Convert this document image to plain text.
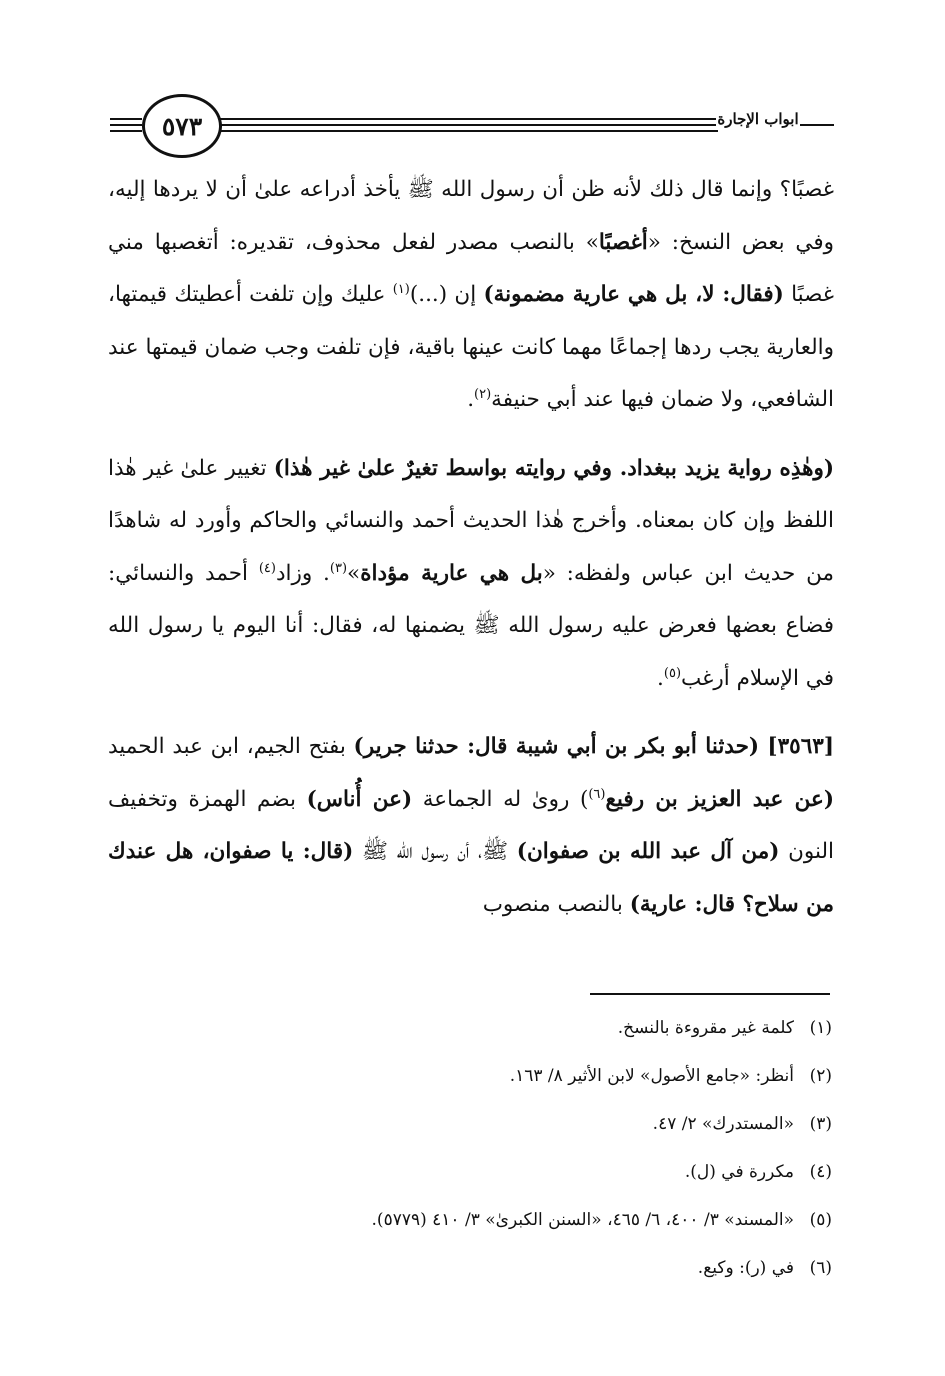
٥٧٣	ابواب الإجارة

غصبًا؟ وإنما قال ذلك لأنه ظن أن رسول الله ﷺ يأخذ أدراعه علىٰ أن لا يردها إليه، وفي بعض النسخ: «أغصبًا» بالنصب مصدر لفعل محذوف، تقديره: أتغصبها مني غصبًا (فقال: لا، بل هي عارية مضمونة) إن (...)$^{(١)}$ عليك وإن تلفت أعطيتك قيمتها، والعارية يجب ردها إجماعًا مهما كانت عينها باقية، فإن تلفت وجب ضمان قيمتها عند الشافعي، ولا ضمان فيها عند أبي حنيفة$^{(٢)}$.

(وهٰذِه رواية يزيد ببغداد. وفي روايته بواسط تغيرٌ علىٰ غير هٰذا) تغيير علىٰ غير هٰذا اللفظ وإن كان بمعناه. وأخرج هٰذا الحديث أحمد والنسائي والحاكم وأورد له شاهدًا من حديث ابن عباس ولفظه: «بل هي عارية مؤداة»$^{(٣)}$. وزاد$^{(٤)}$ أحمد والنسائي: فضاع بعضها فعرض عليه رسول الله ﷺ يضمنها له، فقال: أنا اليوم يا رسول الله في الإسلام أرغب$^{(٥)}$.

[٣٥٦٣] (حدثنا أبو بكر بن أبي شيبة قال: حدثنا جرير) بفتح الجيم، ابن عبد الحميد (عن عبد العزيز بن رفيع$^{(٦)}$) رویٰ له الجماعة (عن أُناس) بضم الهمزة وتخفيف النون (من آل عبد الله بن صفوان) ﷺ، أن رسول الله ﷺ (قال: يا صفوان، هل عندك من سلاح؟ قال: عارية) بالنصب منصوب

(١)
كلمة غير مقروءة بالنسخ.
(٢)
أنظر: «جامع الأصول» لابن الأثير ٨/ ١٦٣.
(٣)
«المستدرك» ٢/ ٤٧.
(٤)
مكررة في (ل).
(٥)
«المسند» ٣/ ٤٠٠، ٦/ ٤٦٥، «السنن الكبرىٰ» ٣/ ٤١٠ (٥٧٧٩).
(٦)
في (ر): وكيع.
